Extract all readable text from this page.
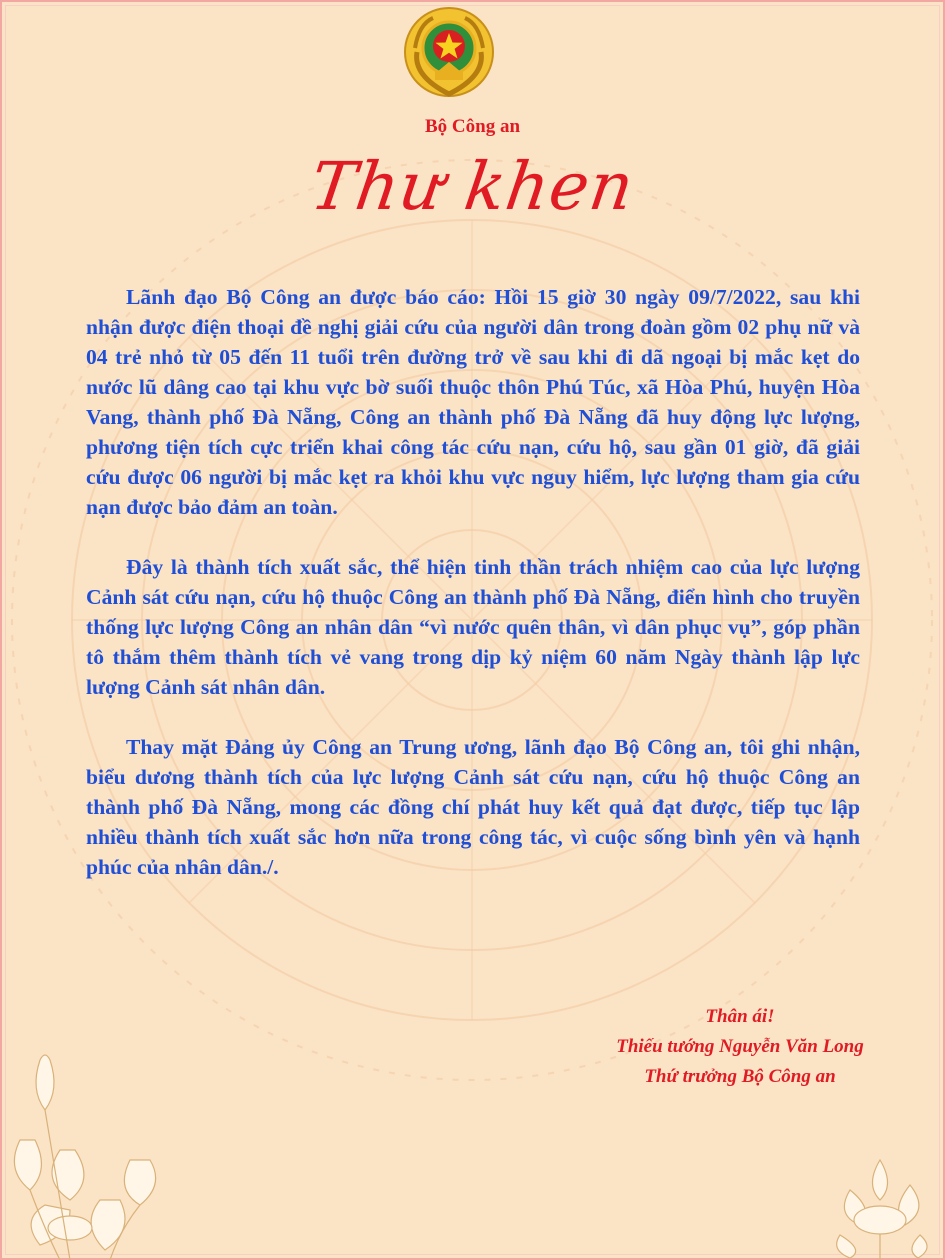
Bộ Công an
Thư khen

Lãnh đạo Bộ Công an được báo cáo: Hồi 15 giờ 30 ngày 09/7/2022, sau khi nhận được điện thoại đề nghị giải cứu của người dân trong đoàn gồm 02 phụ nữ và 04 trẻ nhỏ từ 05 đến 11 tuổi trên đường trở về sau khi đi dã ngoại bị mắc kẹt do nước lũ dâng cao tại khu vực bờ suối thuộc thôn Phú Túc, xã Hòa Phú, huyện Hòa Vang, thành phố Đà Nẵng, Công an thành phố Đà Nẵng đã huy động lực lượng, phương tiện tích cực triển khai công tác cứu nạn, cứu hộ, sau gần 01 giờ, đã giải cứu được 06 người bị mắc kẹt ra khỏi khu vực nguy hiểm, lực lượng tham gia cứu nạn được bảo đảm an toàn.

Đây là thành tích xuất sắc, thể hiện tinh thần trách nhiệm cao của lực lượng Cảnh sát cứu nạn, cứu hộ thuộc Công an thành phố Đà Nẵng, điển hình cho truyền thống lực lượng Công an nhân dân “vì nước quên thân, vì dân phục vụ”, góp phần tô thắm thêm thành tích vẻ vang trong dịp kỷ niệm 60 năm Ngày thành lập lực lượng Cảnh sát nhân dân.

Thay mặt Đảng ủy Công an Trung ương, lãnh đạo Bộ Công an, tôi ghi nhận, biểu dương thành tích của lực lượng Cảnh sát cứu nạn, cứu hộ thuộc Công an thành phố Đà Nẵng, mong các đồng chí phát huy kết quả đạt được, tiếp tục lập nhiều thành tích xuất sắc hơn nữa trong công tác, vì cuộc sống bình yên và hạnh phúc của nhân dân./.

Thân ái!
Thiếu tướng Nguyễn Văn Long
Thứ trưởng Bộ Công an
